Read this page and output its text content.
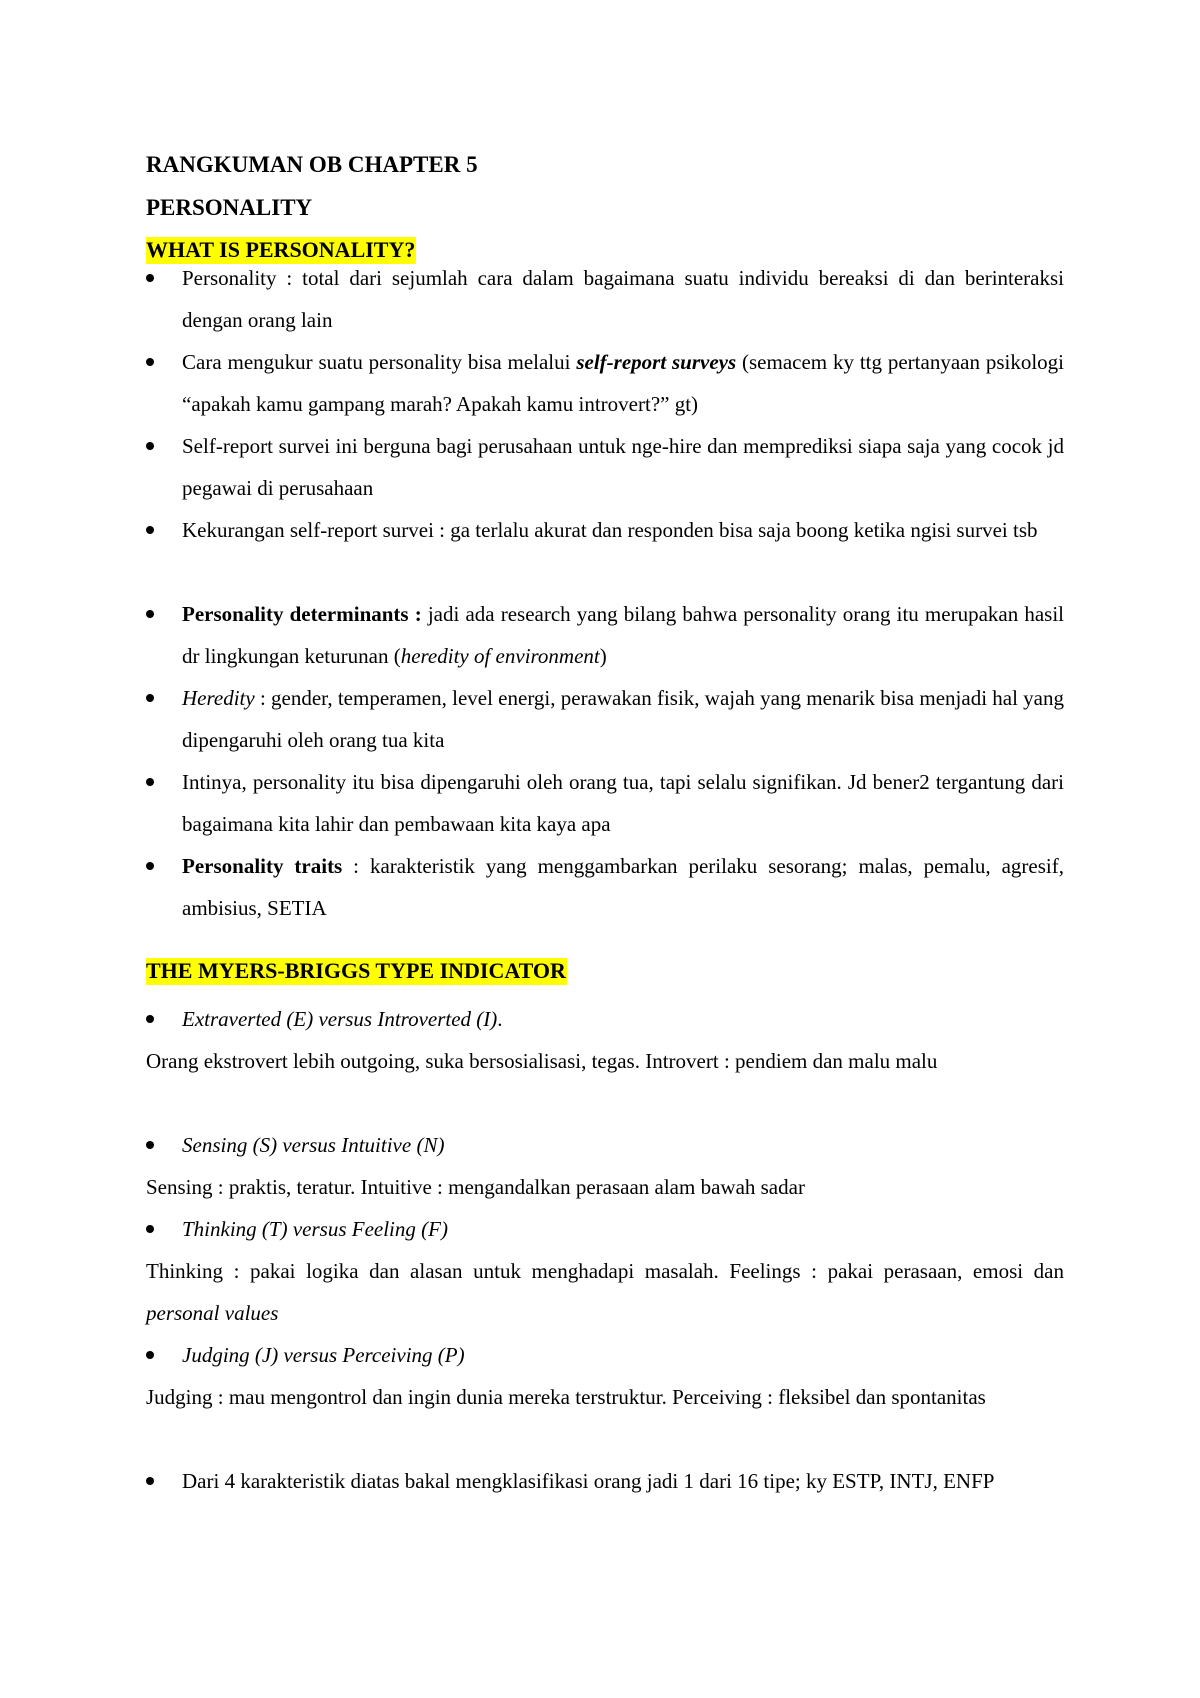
RANGKUMAN OB CHAPTER 5
PERSONALITY
WHAT IS PERSONALITY?
Personality : total dari sejumlah cara dalam bagaimana suatu individu bereaksi di dan berinteraksi dengan orang lain
Cara mengukur suatu personality bisa melalui self-report surveys (semacem ky ttg pertanyaan psikologi “apakah kamu gampang marah? Apakah kamu introvert?” gt)
Self-report survei ini berguna bagi perusahaan untuk nge-hire dan memprediksi siapa saja yang cocok jd pegawai di perusahaan
Kekurangan self-report survei : ga terlalu akurat dan responden bisa saja boong ketika ngisi survei tsb
Personality determinants : jadi ada research yang bilang bahwa personality orang itu merupakan hasil dr lingkungan keturunan (heredity of environment)
Heredity : gender, temperamen, level energi, perawakan fisik, wajah yang menarik bisa menjadi hal yang dipengaruhi oleh orang tua kita
Intinya, personality itu bisa dipengaruhi oleh orang tua, tapi selalu signifikan. Jd bener2 tergantung dari bagaimana kita lahir dan pembawaan kita kaya apa
Personality traits : karakteristik yang menggambarkan perilaku sesorang; malas, pemalu, agresif, ambisius, SETIA
THE MYERS-BRIGGS TYPE INDICATOR
Extraverted (E) versus Introverted (I).
Orang ekstrovert lebih outgoing, suka bersosialisasi, tegas. Introvert : pendiem dan malu malu
Sensing (S) versus Intuitive (N)
Sensing : praktis, teratur. Intuitive : mengandalkan perasaan alam bawah sadar
Thinking (T) versus Feeling (F)
Thinking : pakai logika dan alasan untuk menghadapi masalah. Feelings : pakai perasaan, emosi dan personal values
Judging (J) versus Perceiving (P)
Judging : mau mengontrol dan ingin dunia mereka terstruktur. Perceiving : fleksibel dan spontanitas
Dari 4 karakteristik diatas bakal mengklasifikasi orang jadi 1 dari 16 tipe; ky ESTP, INTJ, ENFP
